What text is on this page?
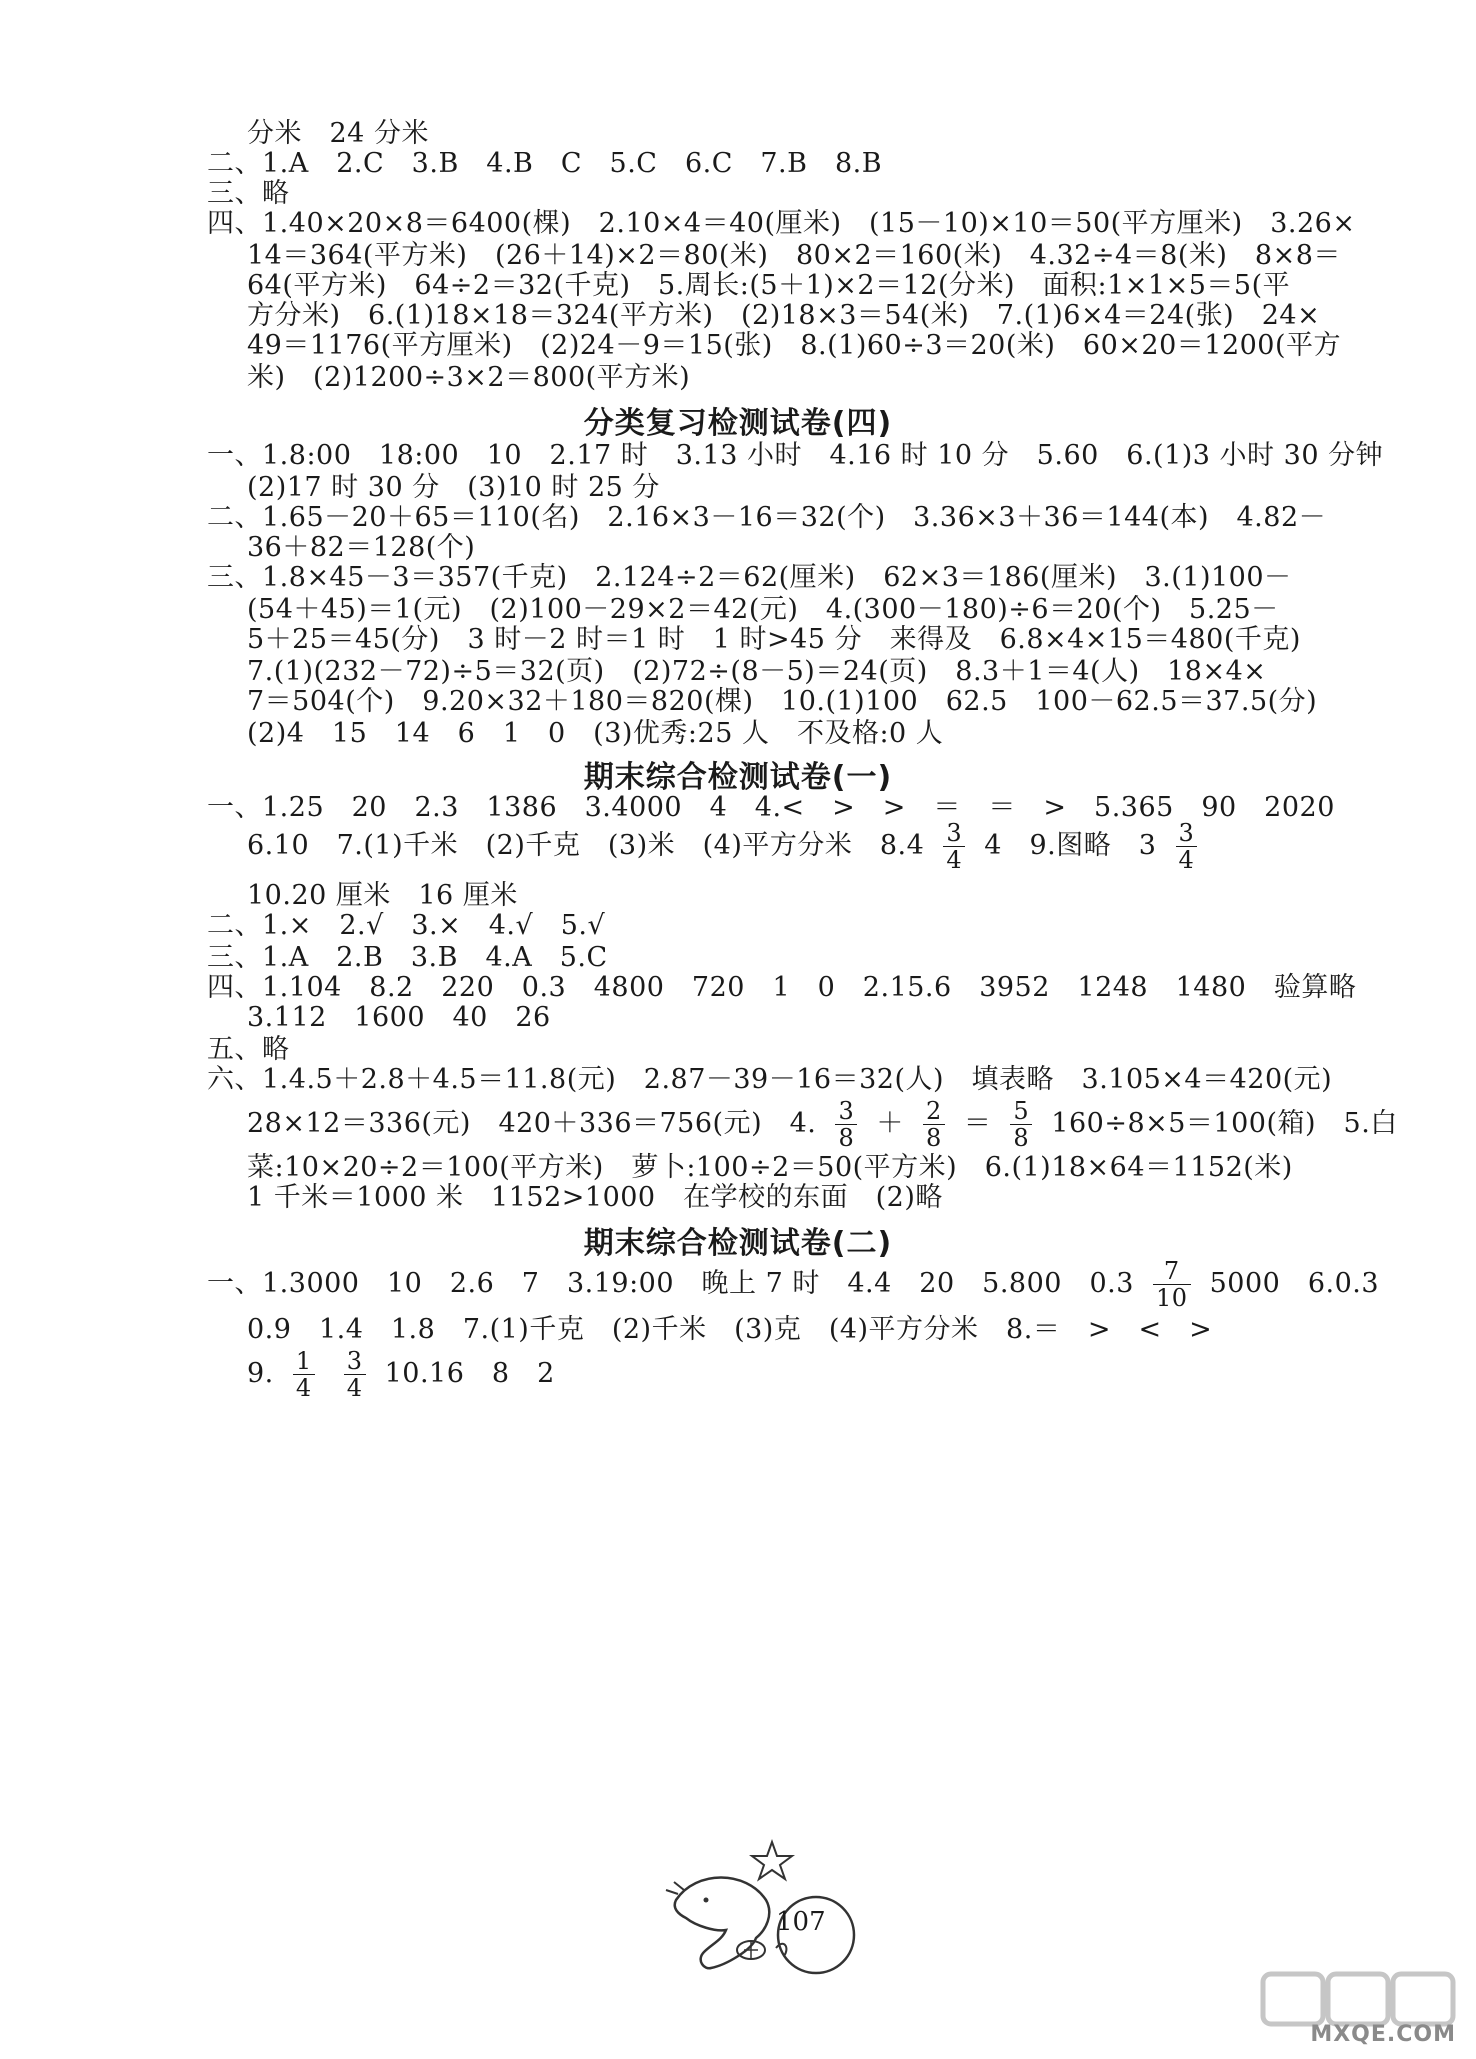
分米　24 分米
二、1.A　2.C　3.B　4.B　C　5.C　6.C　7.B　8.B
三、略
四、1.40×20×8＝6400(棵)　2.10×4＝40(厘米)　(15－10)×10＝50(平方厘米)　3.26×
14＝364(平方米)　(26＋14)×2＝80(米)　80×2＝160(米)　4.32÷4＝8(米)　8×8＝
64(平方米)　64÷2＝32(千克)　5.周长:(5＋1)×2＝12(分米)　面积:1×1×5＝5(平
方分米)　6.(1)18×18＝324(平方米)　(2)18×3＝54(米)　7.(1)6×4＝24(张)　24×
49＝1176(平方厘米)　(2)24－9＝15(张)　8.(1)60÷3＝20(米)　60×20＝1200(平方
米)　(2)1200÷3×2＝800(平方米)
分类复习检测试卷(四)
一、1.8:00　18:00　10　2.17 时　3.13 小时　4.16 时 10 分　5.60　6.(1)3 小时 30 分钟
(2)17 时 30 分　(3)10 时 25 分
二、1.65－20＋65＝110(名)　2.16×3－16＝32(个)　3.36×3＋36＝144(本)　4.82－
36＋82＝128(个)
三、1.8×45－3＝357(千克)　2.124÷2＝62(厘米)　62×3＝186(厘米)　3.(1)100－
(54＋45)＝1(元)　(2)100－29×2＝42(元)　4.(300－180)÷6＝20(个)　5.25－
5＋25＝45(分)　3 时－2 时＝1 时　1 时>45 分　来得及　6.8×4×15＝480(千克)
7.(1)(232－72)÷5＝32(页)　(2)72÷(8－5)＝24(页)　8.3＋1＝4(人)　18×4×
7＝504(个)　9.20×32＋180＝820(棵)　10.(1)100　62.5　100－62.5＝37.5(分)
(2)4　15　14　6　1　0　(3)优秀:25 人　不及格:0 人
期末综合检测试卷(一)
一、1.25　20　2.3　1386　3.4000　4　4.<　>　>　＝　＝　>　5.365　90　2020
6.10　7.(1)千米　(2)千克　(3)米　(4)平方分米　$8.4 \frac{3}{4} 4$　9.图略　$3 \frac{3}{4}$
10.20 厘米　16 厘米
二、1.×　2.√　3.×　4.√　5.√
三、1.A　2.B　3.B　4.A　5.C
四、1.104　8.2　220　0.3　4800　720　1　0　2.15.6　3952　1248　1480　验算略
3.112　1600　40　26
五、略
六、1.4.5＋2.8＋4.5＝11.8(元)　2.87－39－16＝32(人)　填表略　3.105×4＝420(元)
28×12＝336(元)　420＋336＝756(元)　4. $\frac{3}{8} + \frac{2}{8} = \frac{5}{8} 160\div 8\times 5=100$(箱)　5.白
菜:10×20÷2＝100(平方米)　萝卜:100÷2＝50(平方米)　6.(1)18×64＝1152(米)
1 千米＝1000 米　1152>1000　在学校的东面　(2)略
期末综合检测试卷(二)
一、1.3000　10　2.6　7　3.19:00　晚上 7 时　4.4　20　5.800　$0.3 \frac{7}{10} 5000$　6.0.3
0.9　1.4　1.8　7.(1)千克　(2)千米　(3)克　(4)平方分米　8.＝　>　<　>
9. $\frac{1}{4}$
$\frac{3}{4} 10.16$　8　2
107
MXQE.COM
